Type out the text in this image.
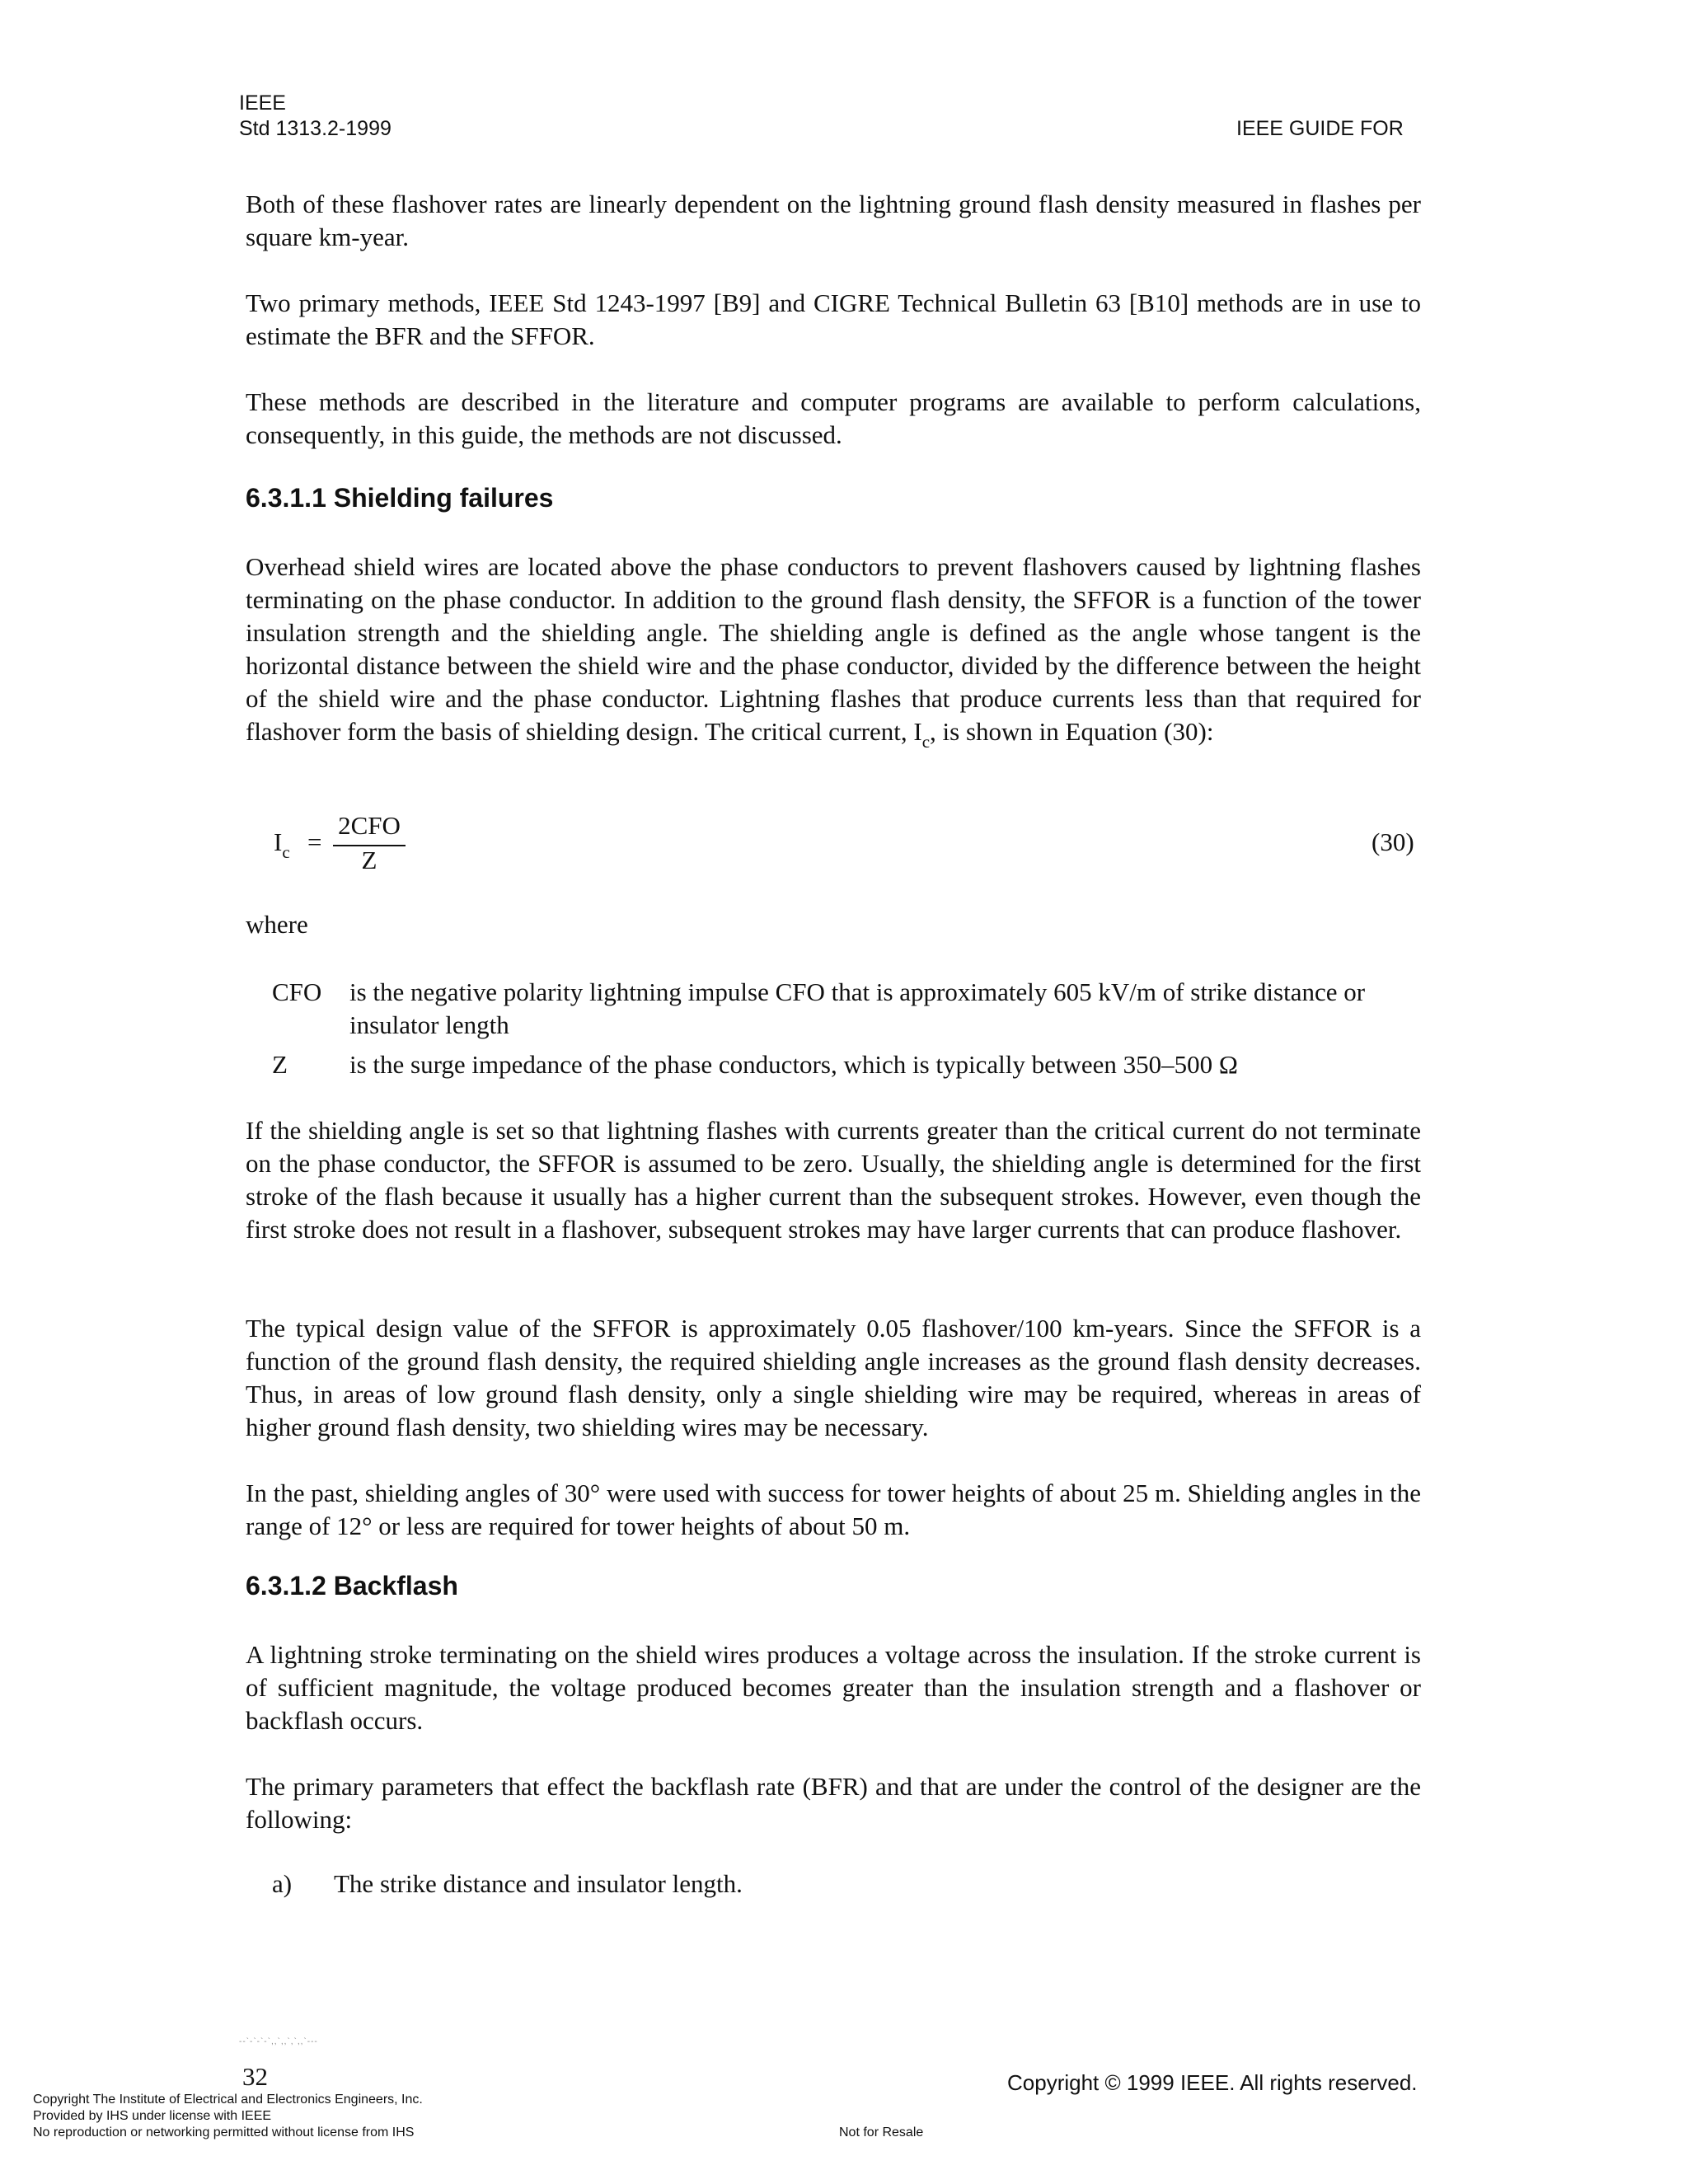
IEEE
Std 1313.2-1999	IEEE GUIDE FOR

Both of these flashover rates are linearly dependent on the lightning ground flash density measured in flashes per square km-year.

Two primary methods, IEEE Std 1243-1997 [B9] and CIGRE Technical Bulletin 63 [B10] methods are in use to estimate the BFR and the SFFOR.

These methods are described in the literature and computer programs are available to perform calculations, consequently, in this guide, the methods are not discussed.

6.3.1.1 Shielding failures

Overhead shield wires are located above the phase conductors to prevent flashovers caused by lightning flashes terminating on the phase conductor. In addition to the ground flash density, the SFFOR is a function of the tower insulation strength and the shielding angle. The shielding angle is defined as the angle whose tangent is the horizontal distance between the shield wire and the phase conductor, divided by the difference between the height of the shield wire and the phase conductor. Lightning flashes that produce currents less than that required for flashover form the basis of shielding design. The critical current, $I_c$, is shown in Equation (30):

$I_c$ =
2CFO
Z
(30)
where
CFO is the negative polarity lightning impulse CFO that is approximately 605 kV/m of strike distance or insulator length
Z is the surge impedance of the phase conductors, which is typically between 350–500 Ω

If the shielding angle is set so that lightning flashes with currents greater than the critical current do not terminate on the phase conductor, the SFFOR is assumed to be zero. Usually, the shielding angle is determined for the first stroke of the flash because it usually has a higher current than the subsequent strokes. However, even though the first stroke does not result in a flashover, subsequent strokes may have larger currents that can produce flashover.

The typical design value of the SFFOR is approximately 0.05 flashover/100 km-years. Since the SFFOR is a function of the ground flash density, the required shielding angle increases as the ground flash density decreases. Thus, in areas of low ground flash density, only a single shielding wire may be required, whereas in areas of higher ground flash density, two shielding wires may be necessary.

In the past, shielding angles of 30° were used with success for tower heights of about 25 m. Shielding angles in the range of 12° or less are required for tower heights of about 50 m.

6.3.1.2 Backflash

A lightning stroke terminating on the shield wires produces a voltage across the insulation. If the stroke current is of sufficient magnitude, the voltage produced becomes greater than the insulation strength and a flashover or backflash occurs.

The primary parameters that effect the backflash rate (BFR) and that are under the control of the designer are the following:

a) The strike distance and insulator length.
--`-`-`-`,,`,,`,`,,`---
32	Copyright © 1999 IEEE. All rights reserved.
Copyright The Institute of Electrical and Electronics Engineers, Inc.
Provided by IHS under license with IEEE
No reproduction or networking permitted without license from IHS	Not for Resale
